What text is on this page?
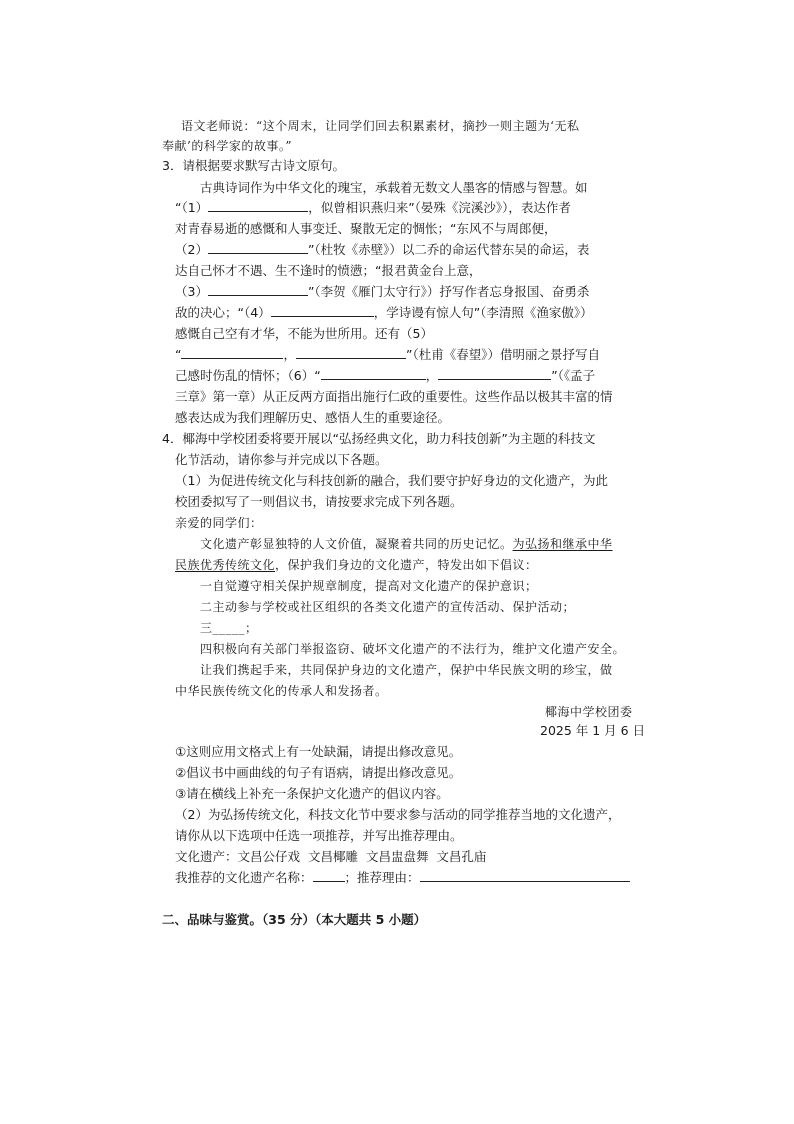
语文老师说：“这个周末，让同学们回去积累素材，摘抄一则主题为‘无私
奉献’的科学家的故事。”
3．请根据要求默写古诗文原句。
古典诗词作为中华文化的瑰宝，承载着无数文人墨客的情感与智慧。如
“（1）	，似曾相识燕归来”（晏殊《浣溪沙》），表达作者
对青春易逝的感慨和人事变迁、聚散无定的惆怅；“东风不与周郎便，
（2）	”（杜牧《赤壁》）以二乔的命运代替东吴的命运，表
达自己怀才不遇、生不逢时的愤懑；“报君黄金台上意，
（3）	”（李贺《雁门太守行》）抒写作者忘身报国、奋勇杀
敌的决心；“（4）	，学诗谩有惊人句”（李清照《渔家傲》）
感慨自己空有才华，不能为世所用。还有（5）
“	，	”（杜甫《春望》）借明丽之景抒写自
己感时伤乱的情怀；（6）“	，	”（《孟子
三章》第一章）从正反两方面指出施行仁政的重要性。这些作品以极其丰富的情
感表达成为我们理解历史、感悟人生的重要途径。
4．椰海中学校团委将要开展以“弘扬经典文化，助力科技创新”为主题的科技文
化节活动，请你参与并完成以下各题。
（1）为促进传统文化与科技创新的融合，我们要守护好身边的文化遗产，为此
校团委拟写了一则倡议书，请按要求完成下列各题。
亲爱的同学们：
文化遗产彰显独特的人文价值，凝聚着共同的历史记忆。为弘扬和继承中华
民族优秀传统文化，保护我们身边的文化遗产，特发出如下倡议：
一自觉遵守相关保护规章制度，提高对文化遗产的保护意识；
二主动参与学校或社区组织的各类文化遗产的宣传活动、保护活动；
三_____；
四积极向有关部门举报盗窃、破坏文化遗产的不法行为，维护文化遗产安全。
让我们携起手来，共同保护身边的文化遗产，保护中华民族文明的珍宝，做
中华民族传统文化的传承人和发扬者。
椰海中学校团委
2025 年 1 月 6 日
①这则应用文格式上有一处缺漏，请提出修改意见。
②倡议书中画曲线的句子有语病，请提出修改意见。
③请在横线上补充一条保护文化遗产的倡议内容。
（2）为弘扬传统文化，科技文化节中要求参与活动的同学推荐当地的文化遗产，
请你从以下选项中任选一项推荐，并写出推荐理由。
文化遗产：文昌公仔戏 文昌椰雕 文昌盅盘舞 文昌孔庙
我推荐的文化遗产名称：	；推荐理由：
二、品味与鉴赏。（35 分）（本大题共 5 小题）
